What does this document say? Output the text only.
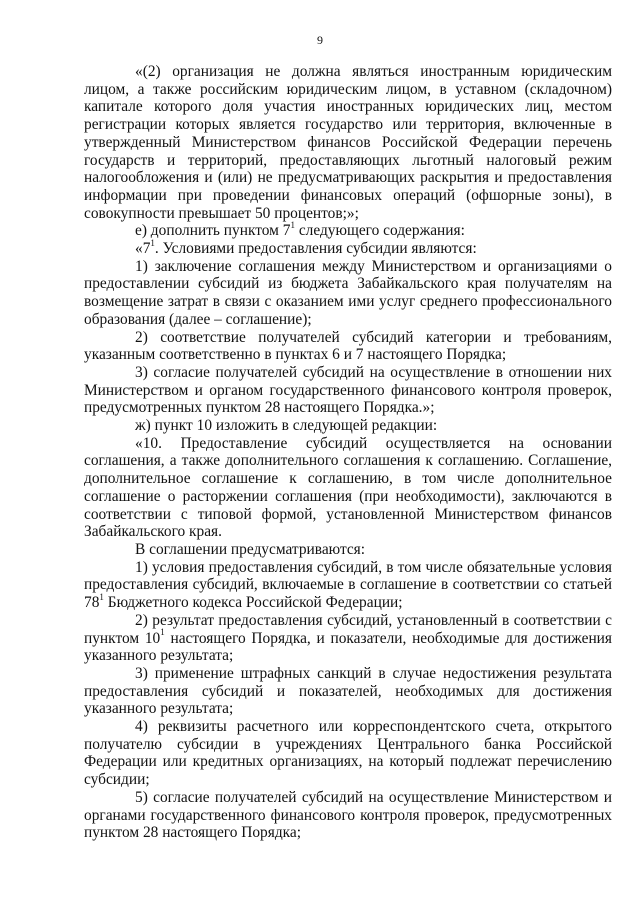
9

«(2) организация не должна являться иностранным юридическим лицом, а также российским юридическим лицом, в уставном (складочном) капитале которого доля участия иностранных юридических лиц, местом регистрации которых является государство или территория, включенные в утвержденный Министерством финансов Российской Федерации перечень государств и территорий, предоставляющих льготный налоговый режим налогообложения и (или) не предусматривающих раскрытия и предоставления информации при проведении финансовых операций (офшорные зоны), в совокупности превышает 50 процентов;»;

е) дополнить пунктом $7^1$ следующего содержания:

«$7^1$. Условиями предоставления субсидии являются:

1) заключение соглашения между Министерством и организациями о предоставлении субсидий из бюджета Забайкальского края получателям на возмещение затрат в связи с оказанием ими услуг среднего профессионального образования (далее – соглашение);

2) соответствие получателей субсидий категории и требованиям, указанным соответственно в пунктах 6 и 7 настоящего Порядка;

3) согласие получателей субсидий на осуществление в отношении них Министерством и органом государственного финансового контроля проверок, предусмотренных пунктом 28 настоящего Порядка.»;

ж) пункт 10 изложить в следующей редакции:

«10. Предоставление субсидий осуществляется на основании соглашения, а также дополнительного соглашения к соглашению. Соглашение, дополнительное соглашение к соглашению, в том числе дополнительное соглашение о расторжении соглашения (при необходимости), заключаются в соответствии с типовой формой, установленной Министерством финансов Забайкальского края.

В соглашении предусматриваются:

1) условия предоставления субсидий, в том числе обязательные условия предоставления субсидий, включаемые в соглашение в соответствии со статьей $78^1$ Бюджетного кодекса Российской Федерации;

2) результат предоставления субсидий, установленный в соответствии с пунктом $10^1$ настоящего Порядка, и показатели, необходимые для достижения указанного результата;

3) применение штрафных санкций в случае недостижения результата предоставления субсидий и показателей, необходимых для достижения указанного результата;

4) реквизиты расчетного или корреспондентского счета, открытого получателю субсидии в учреждениях Центрального банка Российской Федерации или кредитных организациях, на который подлежат перечислению субсидии;

5) согласие получателей субсидий на осуществление Министерством и органами государственного финансового контроля проверок, предусмотренных пунктом 28 настоящего Порядка;
